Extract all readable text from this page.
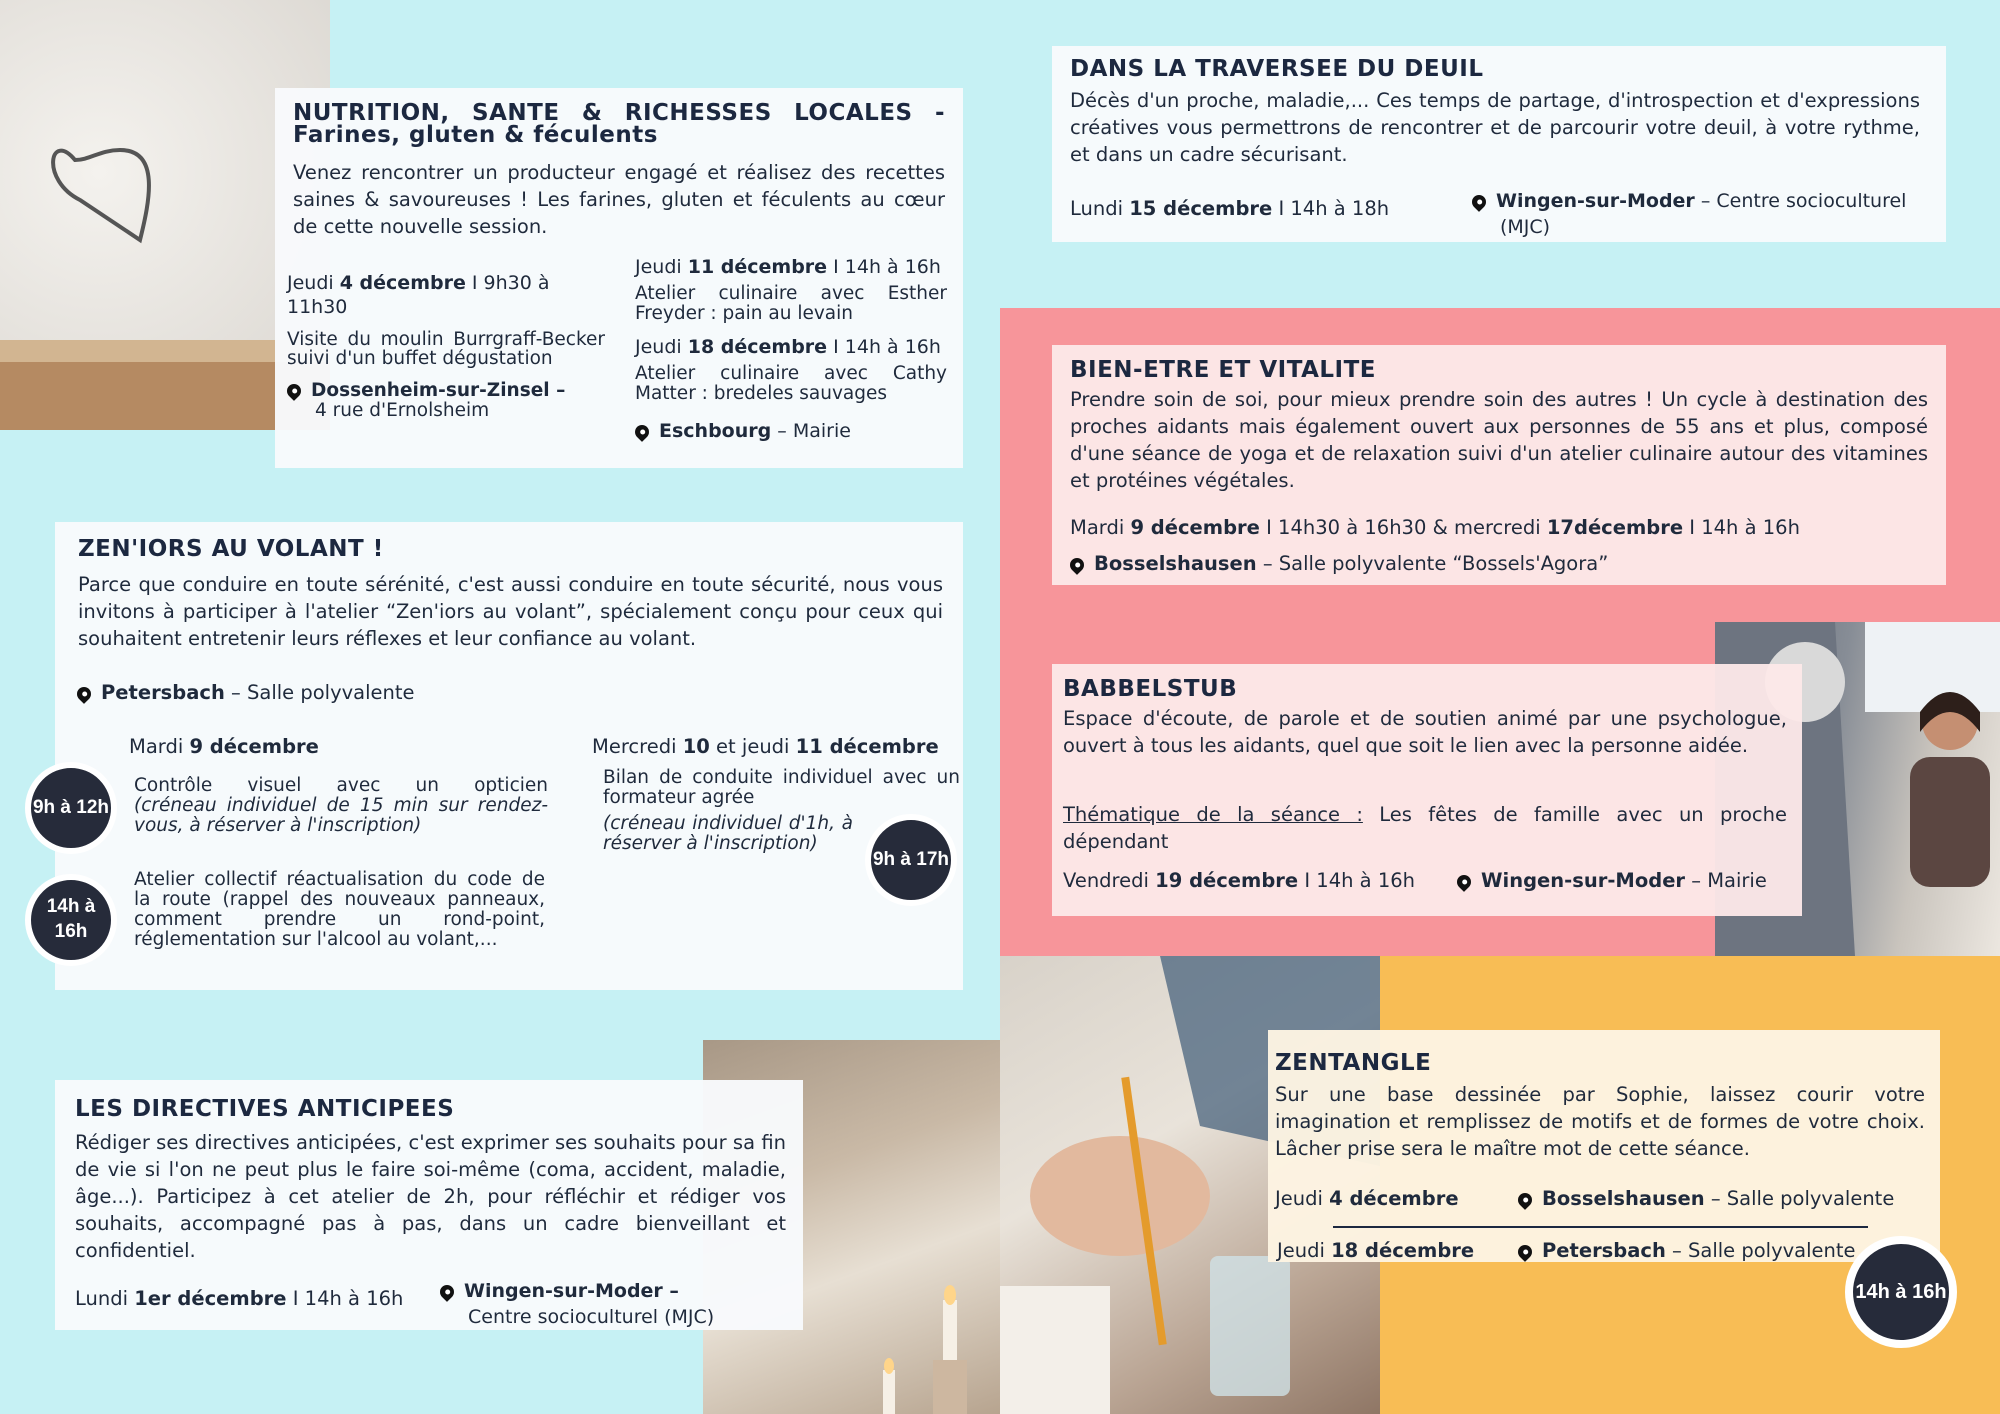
NUTRITION, SANTE & RICHESSES LOCALES -
Farines, gluten & féculents

Venez rencontrer un producteur engagé et réalisez des recettes saines & savoureuses ! Les farines, gluten et féculents au cœur de cette nouvelle session.

Jeudi 4 décembre I 9h30 à 11h30

Visite du moulin Burrgraff-Becker suivi d'un buffet dégustation

Dossenheim-sur-Zinsel –

4 rue d'Ernolsheim

Jeudi 11 décembre I 14h à 16h

Atelier culinaire avec Esther Freyder : pain au levain

Jeudi 18 décembre I 14h à 16h

Atelier culinaire avec Cathy Matter : bredeles sauvages

Eschbourg – Mairie

ZEN'IORS AU VOLANT !

Parce que conduire en toute sérénité, c'est aussi conduire en toute sécurité, nous vous invitons à participer à l'atelier “Zen'iors au volant”, spécialement conçu pour ceux qui souhaitent entretenir leurs réflexes et leur confiance au volant.

Petersbach – Salle polyvalente

Mardi 9 décembre

9h à 12h

Contrôle visuel avec un opticien

(créneau individuel de 15 min sur rendez-vous, à réserver à l'inscription)

14h à 16h

Atelier collectif réactualisation du code de la route (rappel des nouveaux panneaux, comment prendre un rond-point, réglementation sur l'alcool au volant,...

Mercredi 10 et jeudi 11 décembre

Bilan de conduite individuel avec un formateur agrée

(créneau individuel d'1h, à réserver à l'inscription)

9h à 17h
LES DIRECTIVES ANTICIPEES

Rédiger ses directives anticipées, c'est exprimer ses souhaits pour sa fin de vie si l'on ne peut plus le faire soi-même (coma, accident, maladie, âge...). Participez à cet atelier de 2h, pour réfléchir et rédiger vos souhaits, accompagné pas à pas, dans un cadre bienveillant et confidentiel.

Lundi 1er décembre I 14h à 16h	Wingen-sur-Moder –

Centre socioculturel (MJC)

DANS LA TRAVERSEE DU DEUIL

Décès d'un proche, maladie,... Ces temps de partage, d'introspection et d'expressions créatives vous permettrons de rencontrer et de parcourir votre deuil, à votre rythme, et dans un cadre sécurisant.

Lundi 15 décembre I 14h à 18h	Wingen-sur-Moder – Centre socioculturel

(MJC)

BIEN-ETRE ET VITALITE

Prendre soin de soi, pour mieux prendre soin des autres ! Un cycle à destination des proches aidants mais également ouvert aux personnes de 55 ans et plus, composé d'une séance de yoga et de relaxation suivi d'un atelier culinaire autour des vitamines et protéines végétales.

Mardi 9 décembre I 14h30 à 16h30 & mercredi 17décembre I 14h à 16h

Bosselshausen – Salle polyvalente “Bossels'Agora”

BABBELSTUB

Espace d'écoute, de parole et de soutien animé par une psychologue, ouvert à tous les aidants, quel que soit le lien avec la personne aidée.

Thématique de la séance : Les fêtes de famille avec un proche dépendant

Vendredi 19 décembre I 14h à 16h	Wingen-sur-Moder – Mairie

ZENTANGLE

Sur une base dessinée par Sophie, laissez courir votre imagination et remplissez de motifs et de formes de votre choix. Lâcher prise sera le maître mot de cette séance.

Jeudi 4 décembre	Bosselshausen – Salle polyvalente

Jeudi 18 décembre	Petersbach – Salle polyvalente

14h à 16h
